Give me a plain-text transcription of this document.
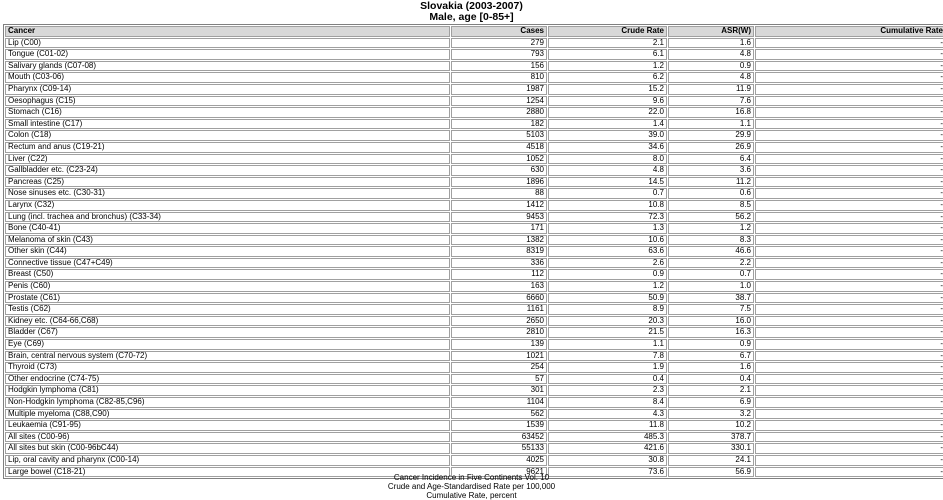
Slovakia (2003-2007)
Male, age [0-85+]
Cancer	Cases	Crude Rate	ASR(W)	Cumulative Rate
Lip (C00)	279	2.1	1.6	-
Tongue (C01-02)	793	6.1	4.8	-
Salivary glands (C07-08)	156	1.2	0.9	-
Mouth (C03-06)	810	6.2	4.8	-
Pharynx (C09-14)	1987	15.2	11.9	-
Oesophagus (C15)	1254	9.6	7.6	-
Stomach (C16)	2880	22.0	16.8	-
Small intestine (C17)	182	1.4	1.1	-
Colon (C18)	5103	39.0	29.9	-
Rectum and anus (C19-21)	4518	34.6	26.9	-
Liver (C22)	1052	8.0	6.4	-
Gallbladder etc. (C23-24)	630	4.8	3.6	-
Pancreas (C25)	1896	14.5	11.2	-
Nose sinuses etc. (C30-31)	88	0.7	0.6	-
Larynx (C32)	1412	10.8	8.5	-
Lung (incl. trachea and bronchus) (C33-34)	9453	72.3	56.2	-
Bone (C40-41)	171	1.3	1.2	-
Melanoma of skin (C43)	1382	10.6	8.3	-
Other skin (C44)	8319	63.6	46.6	-
Connective tissue (C47+C49)	336	2.6	2.2	-
Breast (C50)	112	0.9	0.7	-
Penis (C60)	163	1.2	1.0	-
Prostate (C61)	6660	50.9	38.7	-
Testis (C62)	1161	8.9	7.5	-
Kidney etc. (C64-66,C68)	2650	20.3	16.0	-
Bladder (C67)	2810	21.5	16.3	-
Eye (C69)	139	1.1	0.9	-
Brain, central nervous system (C70-72)	1021	7.8	6.7	-
Thyroid (C73)	254	1.9	1.6	-
Other endocrine (C74-75)	57	0.4	0.4	-
Hodgkin lymphoma (C81)	301	2.3	2.1	-
Non-Hodgkin lymphoma (C82-85,C96)	1104	8.4	6.9	-
Multiple myeloma (C88,C90)	562	4.3	3.2	-
Leukaemia (C91-95)	1539	11.8	10.2	-
All sites (C00-96)	63452	485.3	378.7	-
All sites but skin (C00-96bC44)	55133	421.6	330.1	-
Lip, oral cavity and pharynx (C00-14)	4025	30.8	24.1	-
Large bowel (C18-21)	9621	73.6	56.9	-
Cancer Incidence in Five Continents Vol. 10
Crude and Age-Standardised Rate per 100,000
Cumulative Rate, percent
